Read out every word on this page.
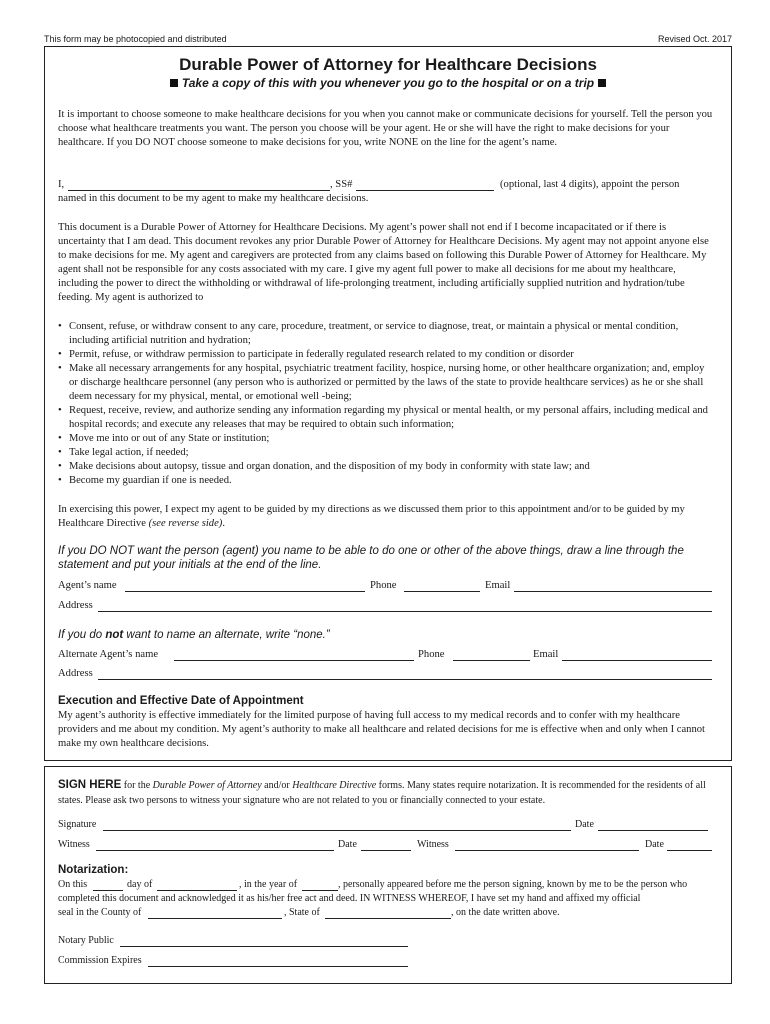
This form may be photocopied and distributed	Revised Oct. 2017
Durable Power of Attorney for Healthcare Decisions
Take a copy of this with you whenever you go to the hospital or on a trip
It is important to choose someone to make healthcare decisions for you when you cannot make or communicate decisions for yourself. Tell the person you choose what healthcare treatments you want. The person you choose will be your agent. He or she will have the right to make decisions for your healthcare. If you DO NOT choose someone to make decisions for you, write NONE on the line for the agent’s name.
I,	, SS#	(optional, last 4 digits), appoint the person
named in this document to be my agent to make my healthcare decisions.
This document is a Durable Power of Attorney for Healthcare Decisions. My agent’s power shall not end if I become incapacitated or if there is uncertainty that I am dead. This document revokes any prior Durable Power of Attorney for Healthcare Decisions. My agent may not appoint anyone else to make decisions for me. My agent and caregivers are protected from any claims based on following this Durable Power of Attorney for Healthcare. My agent shall not be responsible for any costs associated with my care. I give my agent full power to make all decisions for me about my healthcare, including the power to direct the withholding or withdrawal of life-prolonging treatment, including artificially supplied nutrition and hydration/tube feeding. My agent is authorized to
• Consent, refuse, or withdraw consent to any care, procedure, treatment, or service to diagnose, treat, or maintain a physical or mental condition, including artificial nutrition and hydration;
• Permit, refuse, or withdraw permission to participate in federally regulated research related to my condition or disorder
• Make all necessary arrangements for any hospital, psychiatric treatment facility, hospice, nursing home, or other healthcare organization; and, employ or discharge healthcare personnel (any person who is authorized or permitted by the laws of the state to provide healthcare services) as he or she shall deem necessary for my physical, mental, or emotional well -being;
• Request, receive, review, and authorize sending any information regarding my physical or mental health, or my personal affairs, including medical and hospital records; and execute any releases that may be required to obtain such information;
• Move me into or out of any State or institution;
• Take legal action, if needed;
• Make decisions about autopsy, tissue and organ donation, and the disposition of my body in conformity with state law; and
• Become my guardian if one is needed.
In exercising this power, I expect my agent to be guided by my directions as we discussed them prior to this appointment and/or to be guided by my Healthcare Directive (see reverse side).
If you DO NOT want the person (agent) you name to be able to do one or other of the above things, draw a line through the statement and put your initials at the end of the line.
Agent’s name	Phone	Email
Address
If you do not want to name an alternate, write “none.”
Alternate Agent’s name	Phone	Email
Address
Execution and Effective Date of Appointment
My agent’s authority is effective immediately for the limited purpose of having full access to my medical records and to confer with my healthcare providers and me about my condition. My agent’s authority to make all healthcare and related decisions for me is effective when and only when I cannot make my own healthcare decisions.
SIGN HERE for the Durable Power of Attorney and/or Healthcare Directive forms. Many states require notarization. It is recommended for the residents of all states. Please ask two persons to witness your signature who are not related to you or financially connected to your estate.
Signature	Date
Witness	Date	Witness	Date
Notarization:
On this	day of	, in the year of	, personally appeared before me the person signing, known by me to be the person who
completed this document and acknowledged it as his/her free act and deed. IN WITNESS WHEREOF, I have set my hand and affixed my official
seal in the County of	, State of	, on the date written above.
Notary Public
Commission Expires
